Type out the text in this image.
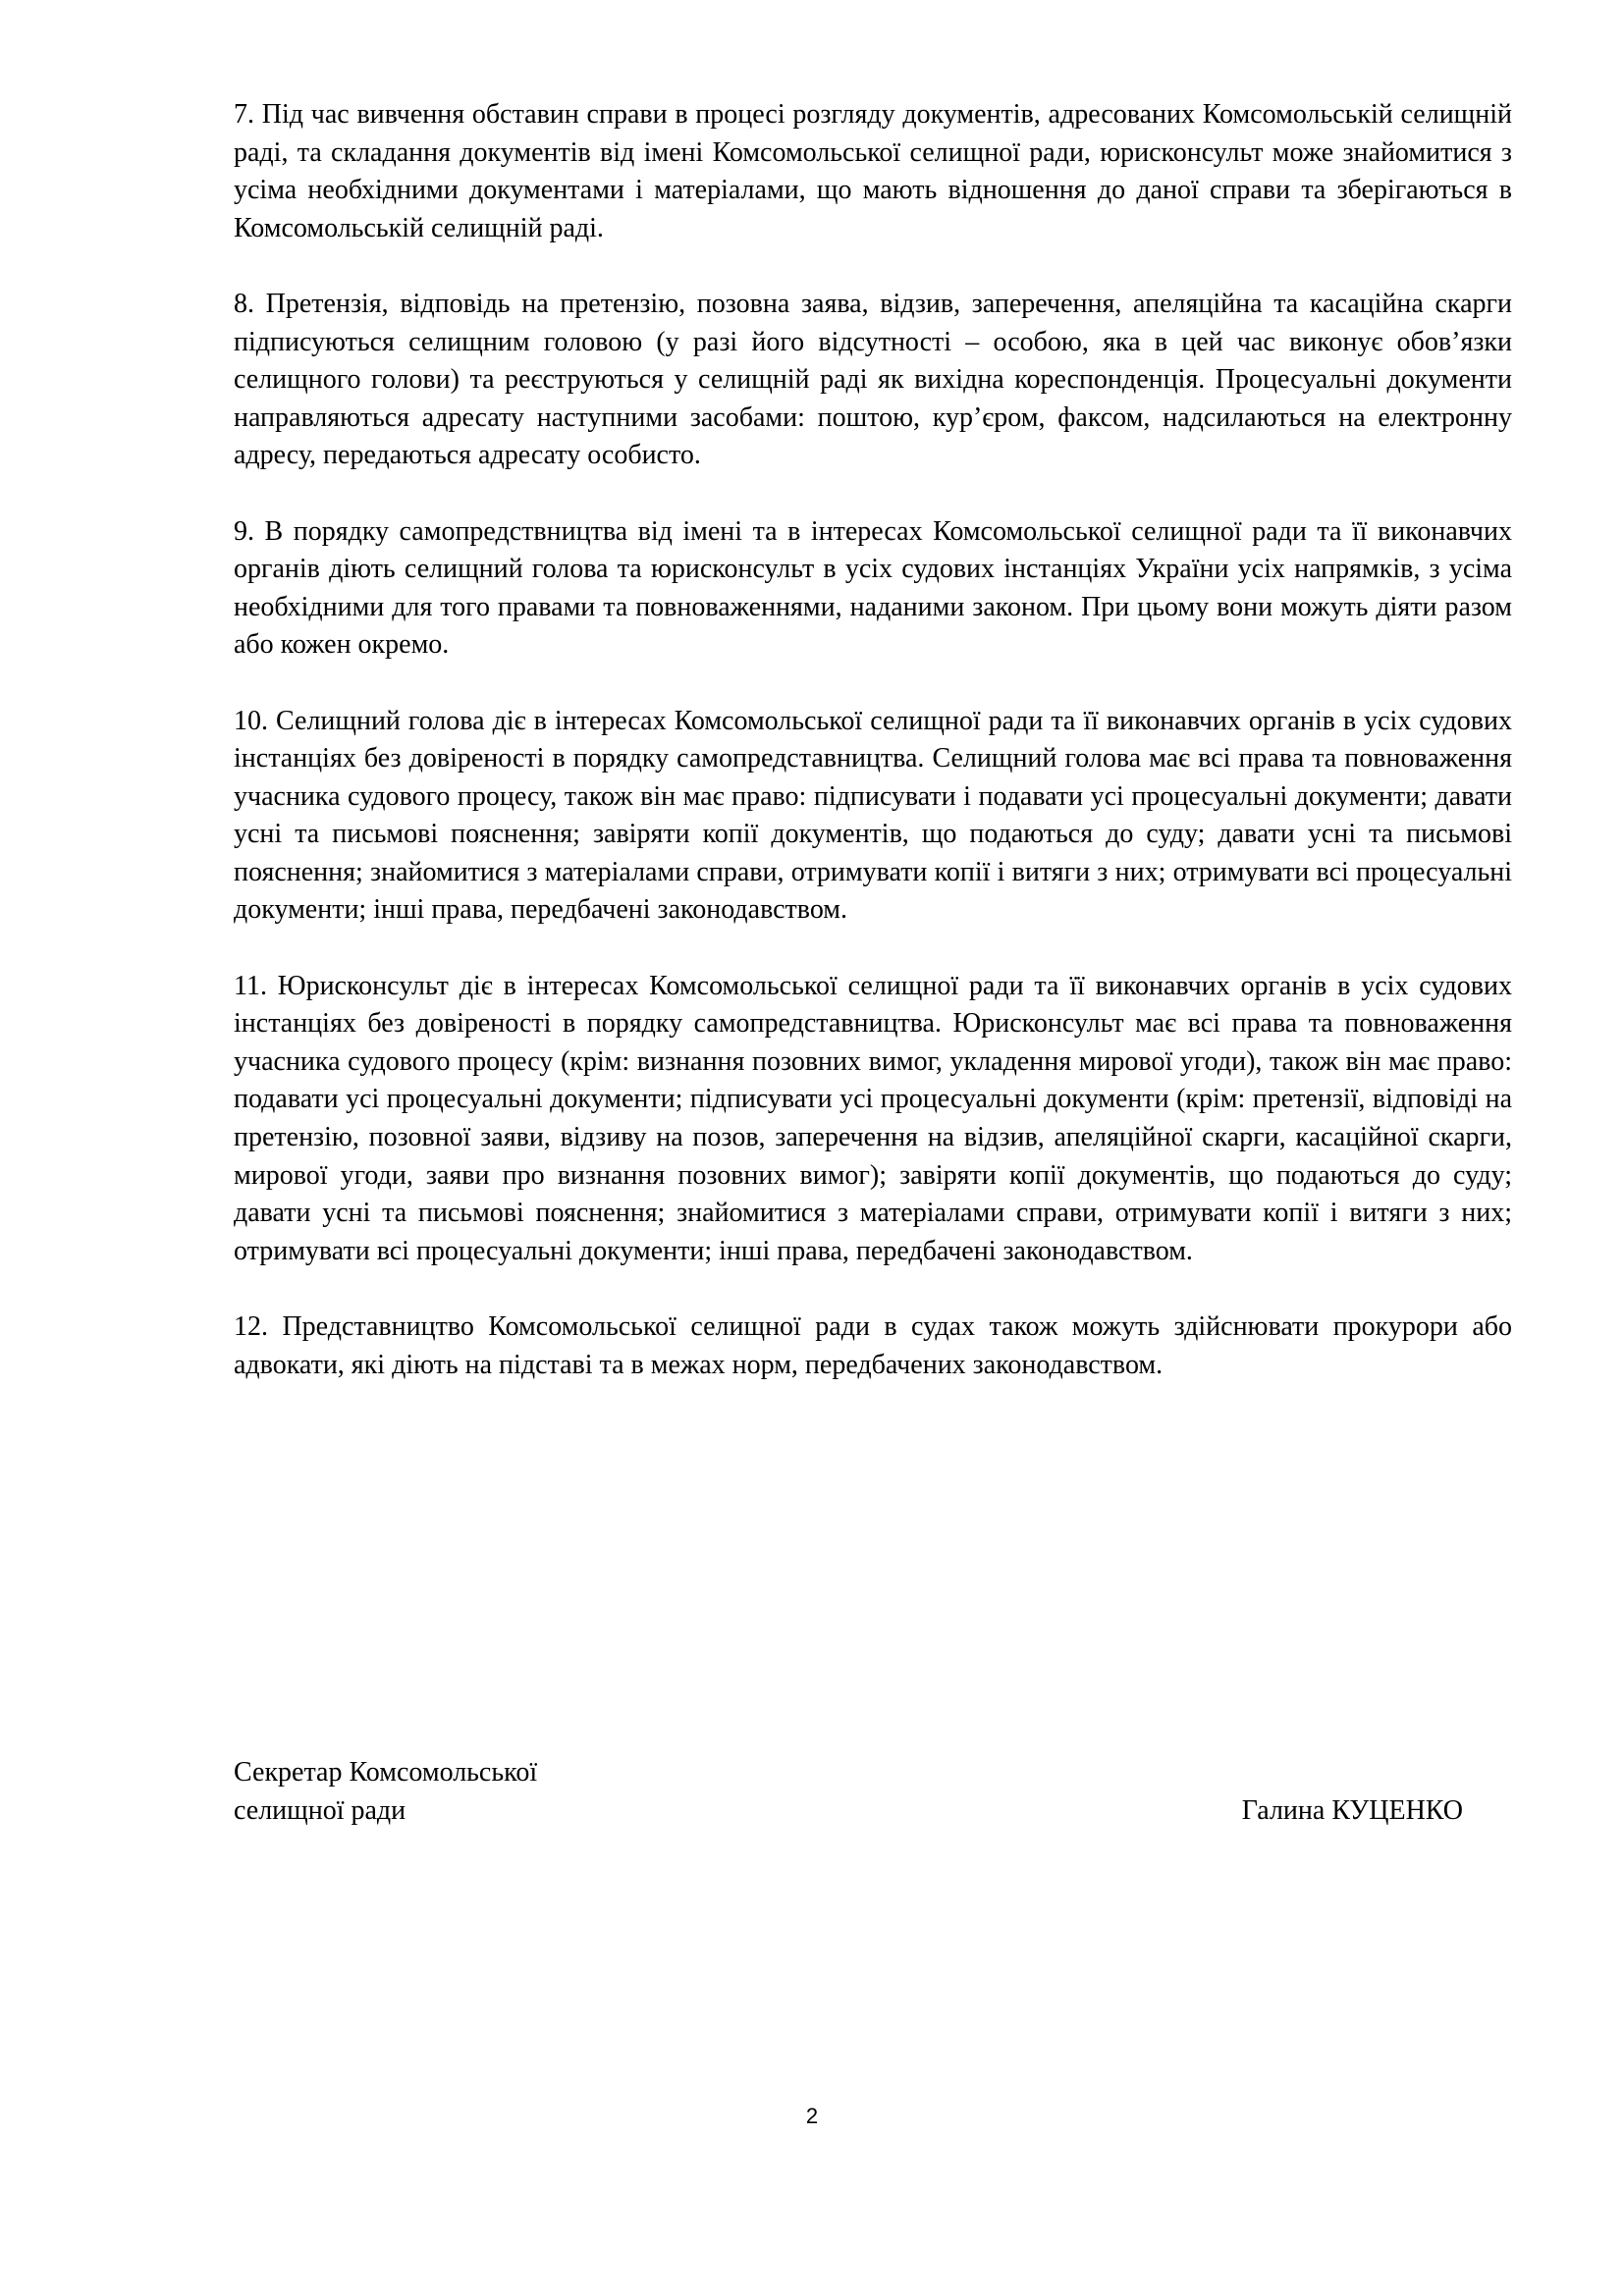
7. Під час вивчення обставин справи в процесі розгляду документів, адресованих Комсомольській селищній раді, та складання документів від імені Комсомольської селищної ради, юрисконсульт може знайомитися з усіма необхідними документами і матеріалами, що мають відношення до даної справи та зберігаються в Комсомольській селищній раді.

8. Претензія, відповідь на претензію, позовна заява, відзив, заперечення, апеляційна та касаційна скарги підписуються селищним головою (у разі його відсутності – особою, яка в цей час виконує обов’язки селищного голови) та реєструються у селищній раді як вихідна кореспонденція. Процесуальні документи направляються адресату наступними засобами: поштою, кур’єром, факсом, надсилаються на електронну адресу, передаються адресату особисто.

9. В порядку самопредствництва від імені та в інтересах Комсомольської селищної ради та її виконавчих органів діють селищний голова та юрисконсульт в усіх судових інстанціях України усіх напрямків, з усіма необхідними для того правами та повноваженнями, наданими законом. При цьому вони можуть діяти разом або кожен окремо.

10. Селищний голова діє в інтересах Комсомольської селищної ради та її виконавчих органів в усіх судових інстанціях без довіреності в порядку самопредставництва. Селищний голова має всі права та повноваження учасника судового процесу, також він має право: підписувати і подавати усі процесуальні документи; давати усні та письмові пояснення; завіряти копії документів, що подаються до суду; давати усні та письмові пояснення; знайомитися з матеріалами справи, отримувати копії і витяги з них; отримувати всі процесуальні документи; інші права, передбачені законодавством.

11. Юрисконсульт діє в інтересах Комсомольської селищної ради та її виконавчих органів в усіх судових інстанціях без довіреності в порядку самопредставництва. Юрисконсульт має всі права та повноваження учасника судового процесу (крім: визнання позовних вимог, укладення мирової угоди), також він має право: подавати усі процесуальні документи; підписувати усі процесуальні документи (крім: претензії, відповіді на претензію, позовної заяви, відзиву на позов, заперечення на відзив, апеляційної скарги, касаційної скарги, мирової угоди, заяви про визнання позовних вимог); завіряти копії документів, що подаються до суду; давати усні та письмові пояснення; знайомитися з матеріалами справи, отримувати копії і витяги з них; отримувати всі процесуальні документи; інші права, передбачені законодавством.

12. Представництво Комсомольської селищної ради в судах також можуть здійснювати прокурори або адвокати, які діють на підставі та в межах норм, передбачених законодавством.

Секретар Комсомольської
селищної ради	Галина КУЦЕНКО
2
